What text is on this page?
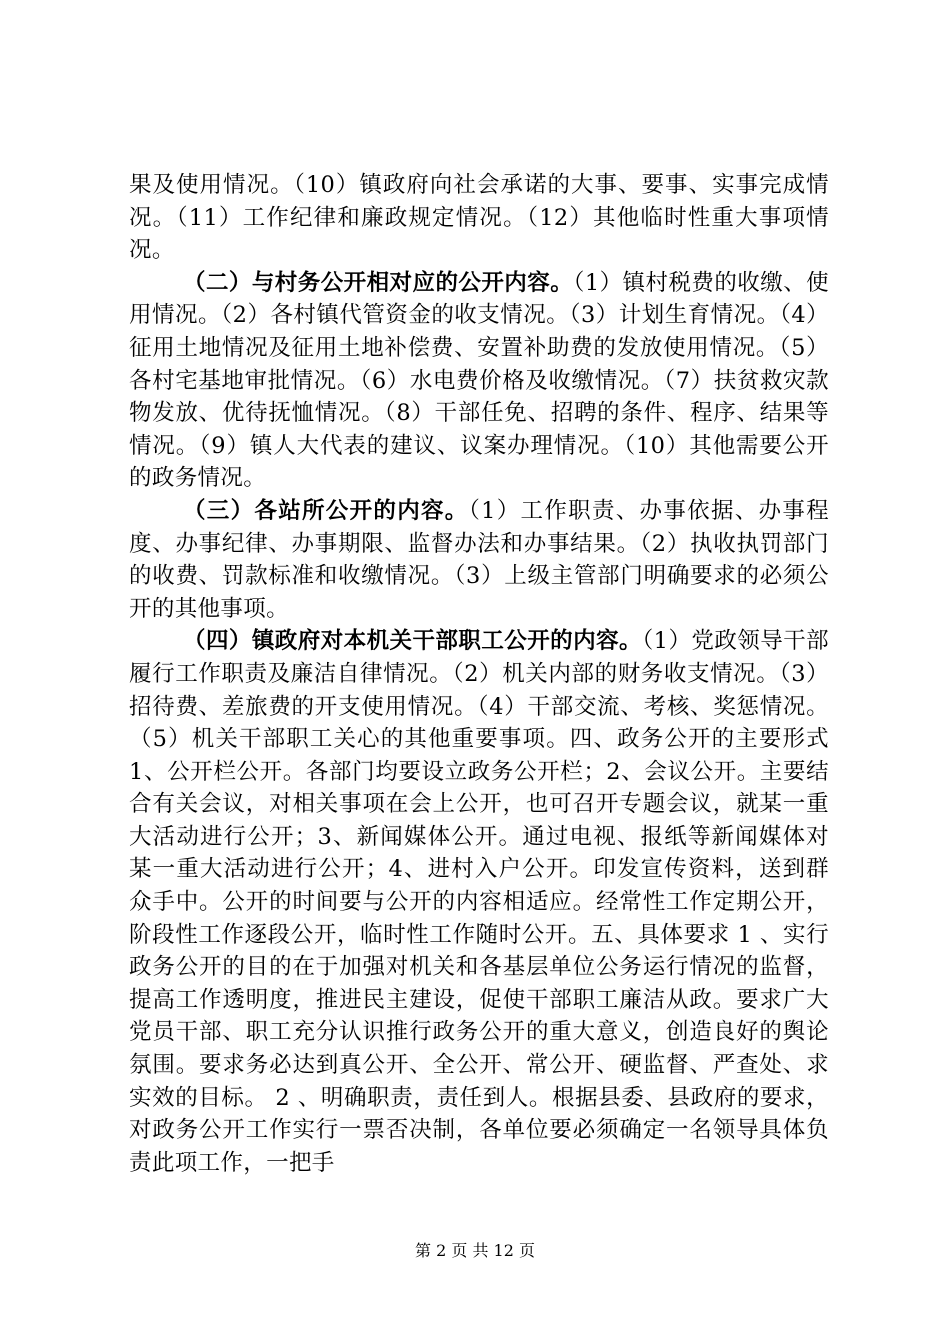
果及使用情况。（10）镇政府向社会承诺的大事、要事、实事完成情况。（11）工作纪律和廉政规定情况。（12）其他临时性重大事项情况。

（二）与村务公开相对应的公开内容。（1）镇村税费的收缴、使用情况。（2）各村镇代管资金的收支情况。（3）计划生育情况。（4）征用土地情况及征用土地补偿费、安置补助费的发放使用情况。（5）各村宅基地审批情况。（6）水电费价格及收缴情况。（7）扶贫救灾款物发放、优待抚恤情况。（8）干部任免、招聘的条件、程序、结果等情况。（9）镇人大代表的建议、议案办理情况。（10）其他需要公开的政务情况。

（三）各站所公开的内容。（1）工作职责、办事依据、办事程度、办事纪律、办事期限、监督办法和办事结果。（2）执收执罚部门的收费、罚款标准和收缴情况。（3）上级主管部门明确要求的必须公开的其他事项。

（四）镇政府对本机关干部职工公开的内容。（1）党政领导干部履行工作职责及廉洁自律情况。（2）机关内部的财务收支情况。（3）招待费、差旅费的开支使用情况。（4）干部交流、考核、奖惩情况。（5）机关干部职工关心的其他重要事项。四、政务公开的主要形式 1、公开栏公开。各部门均要设立政务公开栏；2、会议公开。主要结合有关会议，对相关事项在会上公开，也可召开专题会议，就某一重大活动进行公开；3、新闻媒体公开。通过电视、报纸等新闻媒体对某一重大活动进行公开；4、进村入户公开。印发宣传资料，送到群众手中。公开的时间要与公开的内容相适应。经常性工作定期公开，阶段性工作逐段公开，临时性工作随时公开。五、具体要求 1 、实行政务公开的目的在于加强对机关和各基层单位公务运行情况的监督，提高工作透明度，推进民主建设，促使干部职工廉洁从政。要求广大党员干部、职工充分认识推行政务公开的重大意义，创造良好的舆论氛围。要求务必达到真公开、全公开、常公开、硬监督、严查处、求实效的目标。 2 、明确职责，责任到人。根据县委、县政府的要求，对政务公开工作实行一票否决制，各单位要必须确定一名领导具体负责此项工作，一把手

第 2 页 共 12 页
